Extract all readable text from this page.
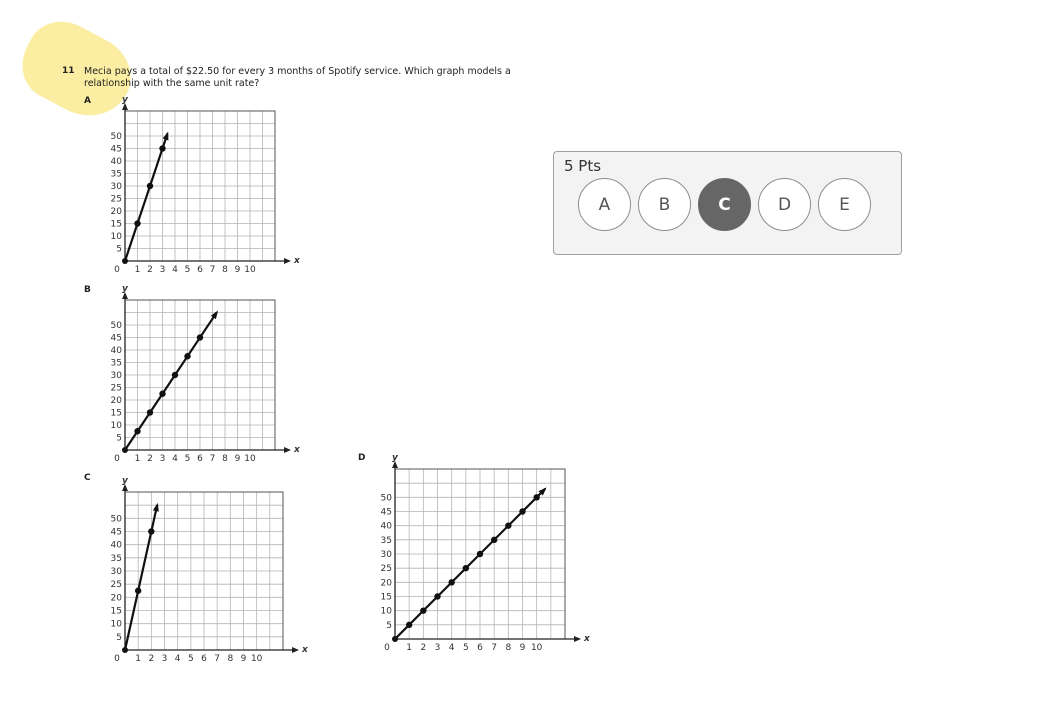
11 Mecia pays a total of $22.50 for every 3 months of Spotify service. Which graph models a relationship with the same unit rate?
A
x
y
0 1 2 3 4 5 6 7 8 9 10
5
10
15
20
25
30
35
40
45
50
B
x
y
0 1 2 3 4 5 6 7 8 9 10
5
10
15
20
25
30
35
40
45
50
C
x
y
0 1 2 3 4 5 6 7 8 9 10
5
10
15
20
25
30
35
40
45
50
D
x
y
0 1 2 3 4 5 6 7 8 9 10
5
10
15
20
25
30
35
40
45
50
5 Pts
A	B	C	D	E
